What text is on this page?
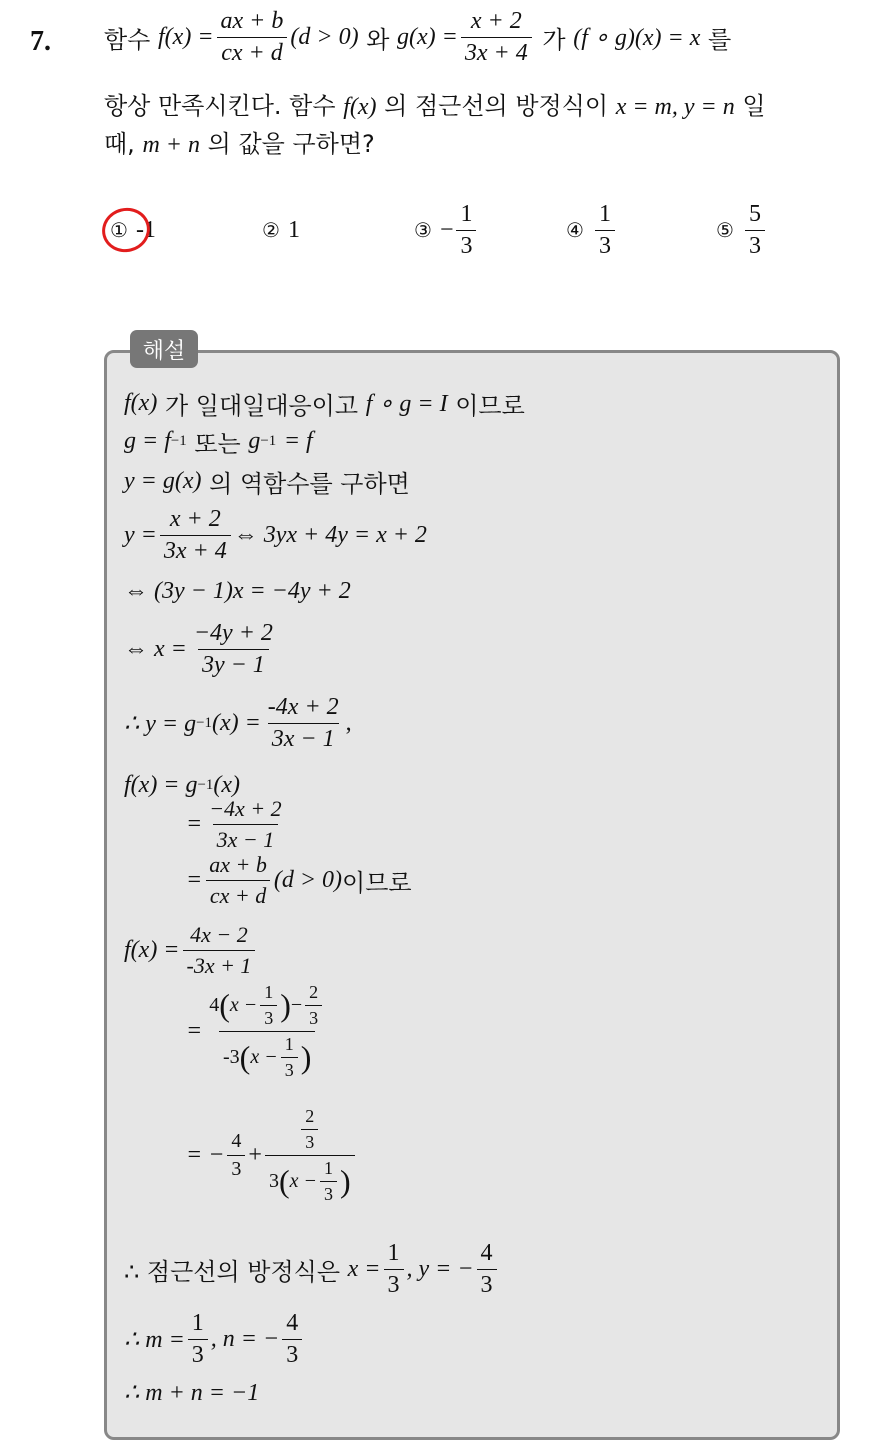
7. 함수
$f(x) = \frac{ax + b}{cx + d} (d > 0)$
와
$g(x) = \frac{x + 2}{3x + 4}$
가
(f ∘ g)(x) = x
를
항상 만족시킨다. 함수 f(x) 의 점근선의 방정식이 x = m, y = n 일
때, m + n 의 값을 구하면?
① -1	② 1	③ − $\frac{1}{3}$	④ $\frac{1}{3}$	⑤ $\frac{5}{3}$
해설
f(x)
가 일대일대응이고
f ∘ g = I
이므로
g = f −1
또는
g −1
= f
y = g(x)
의 역함수를 구하면
$y = \frac{x + 2}{3x + 4}$ ⇔ 3yx + 4y = x + 2
⇔ (3y − 1)x = −4y + 2
⇔ $x = \frac{-4y + 2}{3y - 1}$
∴ y = g −1 $(x) = \frac{-4x + 2}{3x - 1}$ ,
f(x) = g −1 (x)
= $\frac{-4x + 2}{3x - 1}$
= $\frac{ax + b}{cx + d} (d > 0)$ 이므로
$f(x) = \frac{4x - 2}{-3x + 1}$
=
4 ( $x - \frac{1}{3}$ ) − $\frac{2}{3}$
-3 ( $x - \frac{1}{3}$ )
= − $\frac{4}{3}$ +
$\frac{2}{3}$
3 ( $x - \frac{1}{3}$ )
∴ 점근선의 방정식은
$x = \frac{1}{3}$ , y = − $\frac{4}{3}$
∴ $m = \frac{1}{3}$ , n = − $\frac{4}{3}$
∴ m + n = −1
